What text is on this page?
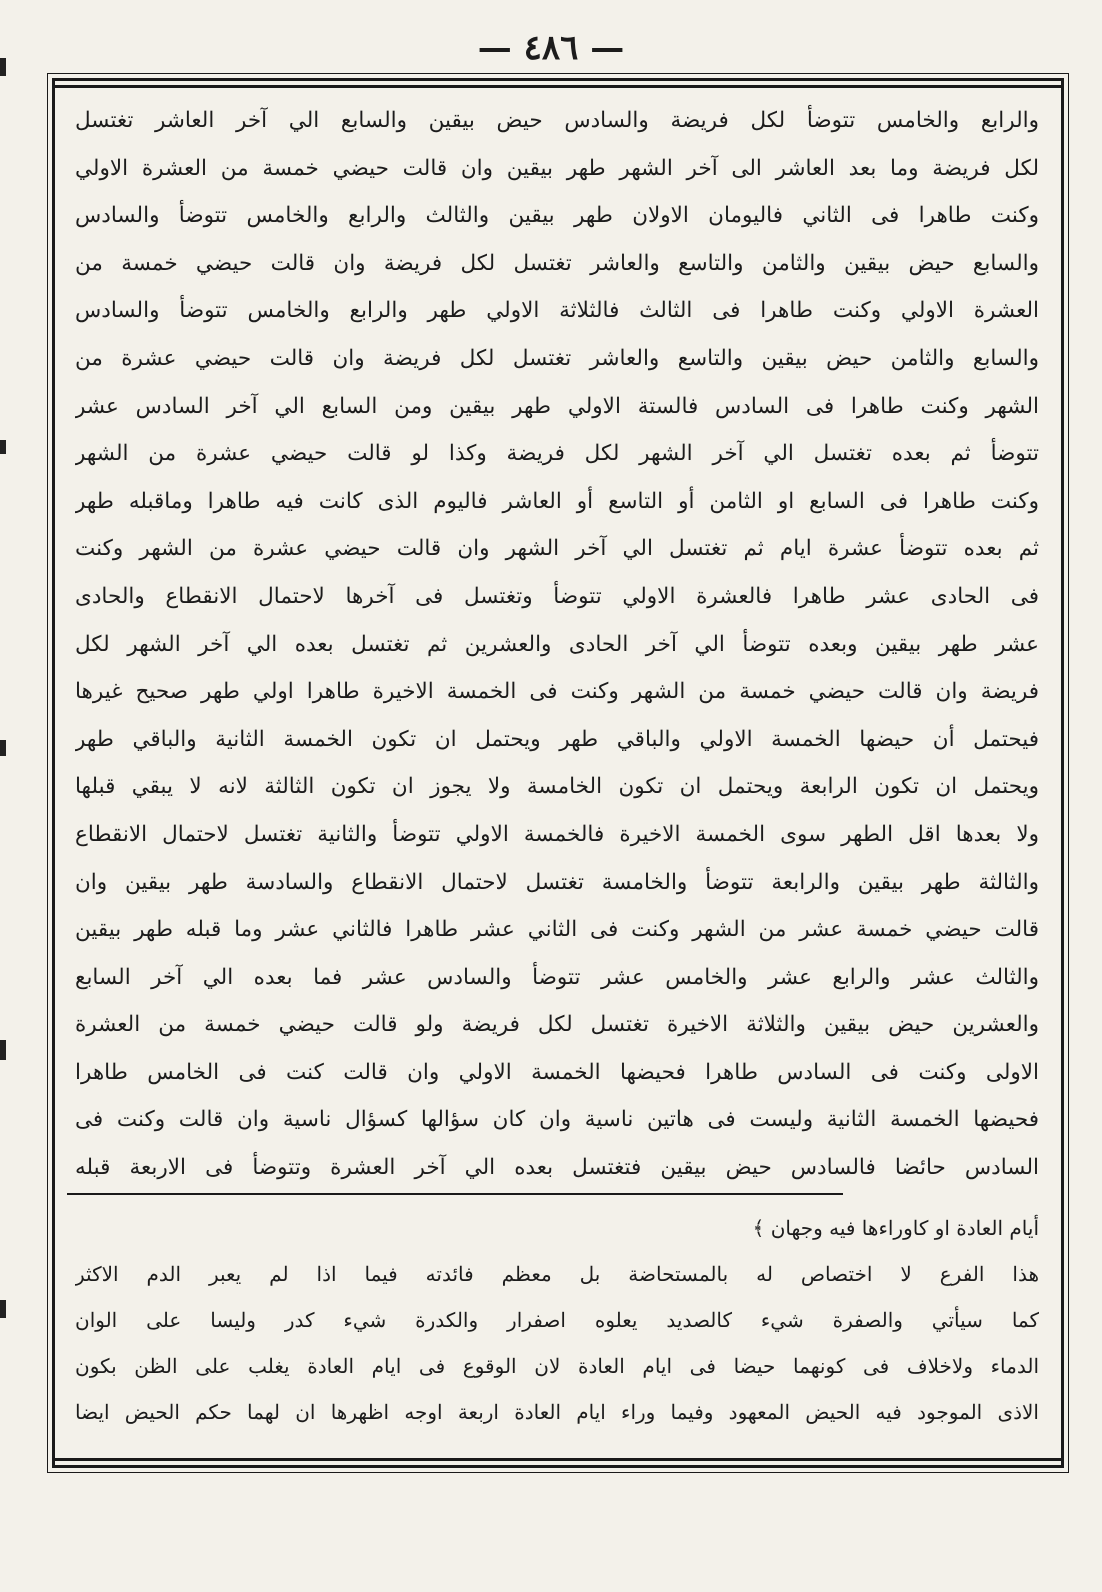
— ٤٨٦ —
والرابع والخامس تتوضأ لكل فريضة والسادس حيض بيقين والسابع الي آخر العاشر تغتسل
لكل فريضة وما بعد العاشر الى آخر الشهر طهر بيقين وان قالت حيضي خمسة من العشرة الاولي
وكنت طاهرا فى الثاني فاليومان الاولان طهر بيقين والثالث والرابع والخامس تتوضأ والسادس
والسابع حيض بيقين والثامن والتاسع والعاشر تغتسل لكل فريضة وان قالت حيضي خمسة من
العشرة الاولي وكنت طاهرا فى الثالث فالثلاثة الاولي طهر والرابع والخامس تتوضأ والسادس
والسابع والثامن حيض بيقين والتاسع والعاشر تغتسل لكل فريضة وان قالت حيضي عشرة من
الشهر وكنت طاهرا فى السادس فالستة الاولي طهر بيقين ومن السابع الي آخر السادس عشر
تتوضأ ثم بعده تغتسل الي آخر الشهر لكل فريضة وكذا لو قالت حيضي عشرة من الشهر
وكنت طاهرا فى السابع او الثامن أو التاسع أو العاشر فاليوم الذى كانت فيه طاهرا وماقبله طهر
ثم بعده تتوضأ عشرة ايام ثم تغتسل الي آخر الشهر وان قالت حيضي عشرة من الشهر وكنت
فى الحادى عشر طاهرا فالعشرة الاولي تتوضأ وتغتسل فى آخرها لاحتمال الانقطاع والحادى
عشر طهر بيقين وبعده تتوضأ الي آخر الحادى والعشرين ثم تغتسل بعده الي آخر الشهر لكل
فريضة وان قالت حيضي خمسة من الشهر وكنت فى الخمسة الاخيرة طاهرا اولي طهر صحيح غيرها
فيحتمل أن حيضها الخمسة الاولي والباقي طهر ويحتمل ان تكون الخمسة الثانية والباقي طهر
ويحتمل ان تكون الرابعة ويحتمل ان تكون الخامسة ولا يجوز ان تكون الثالثة لانه لا يبقي قبلها
ولا بعدها اقل الطهر سوى الخمسة الاخيرة فالخمسة الاولي تتوضأ والثانية تغتسل لاحتمال الانقطاع
والثالثة طهر بيقين والرابعة تتوضأ والخامسة تغتسل لاحتمال الانقطاع والسادسة طهر بيقين وان
قالت حيضي خمسة عشر من الشهر وكنت فى الثاني عشر طاهرا فالثاني عشر وما قبله طهر بيقين
والثالث عشر والرابع عشر والخامس عشر تتوضأ والسادس عشر فما بعده الي آخر السابع
والعشرين حيض بيقين والثلاثة الاخيرة تغتسل لكل فريضة ولو قالت حيضي خمسة من العشرة
الاولى وكنت فى السادس طاهرا فحيضها الخمسة الاولي وان قالت كنت فى الخامس طاهرا
فحيضها الخمسة الثانية وليست فى هاتين ناسية وان كان سؤالها كسؤال ناسية وان قالت وكنت فى
السادس حائضا فالسادس حيض بيقين فتغتسل بعده الي آخر العشرة وتتوضأ فى الاربعة قبله
أيام العادة او كاوراءها فيه وجهان ﴾
هذا الفرع لا اختصاص له بالمستحاضة بل معظم فائدته فيما اذا لم يعبر الدم الاكثر
كما سيأتي والصفرة شيء كالصديد يعلوه اصفرار والكدرة شيء كدر وليسا على الوان
الدماء ولاخلاف فى كونهما حيضا فى ايام العادة لان الوقوع فى ايام العادة يغلب على الظن بكون
الاذى الموجود فيه الحيض المعهود وفيما وراء ايام العادة اربعة اوجه اظهرها ان لهما حكم الحيض ايضا
